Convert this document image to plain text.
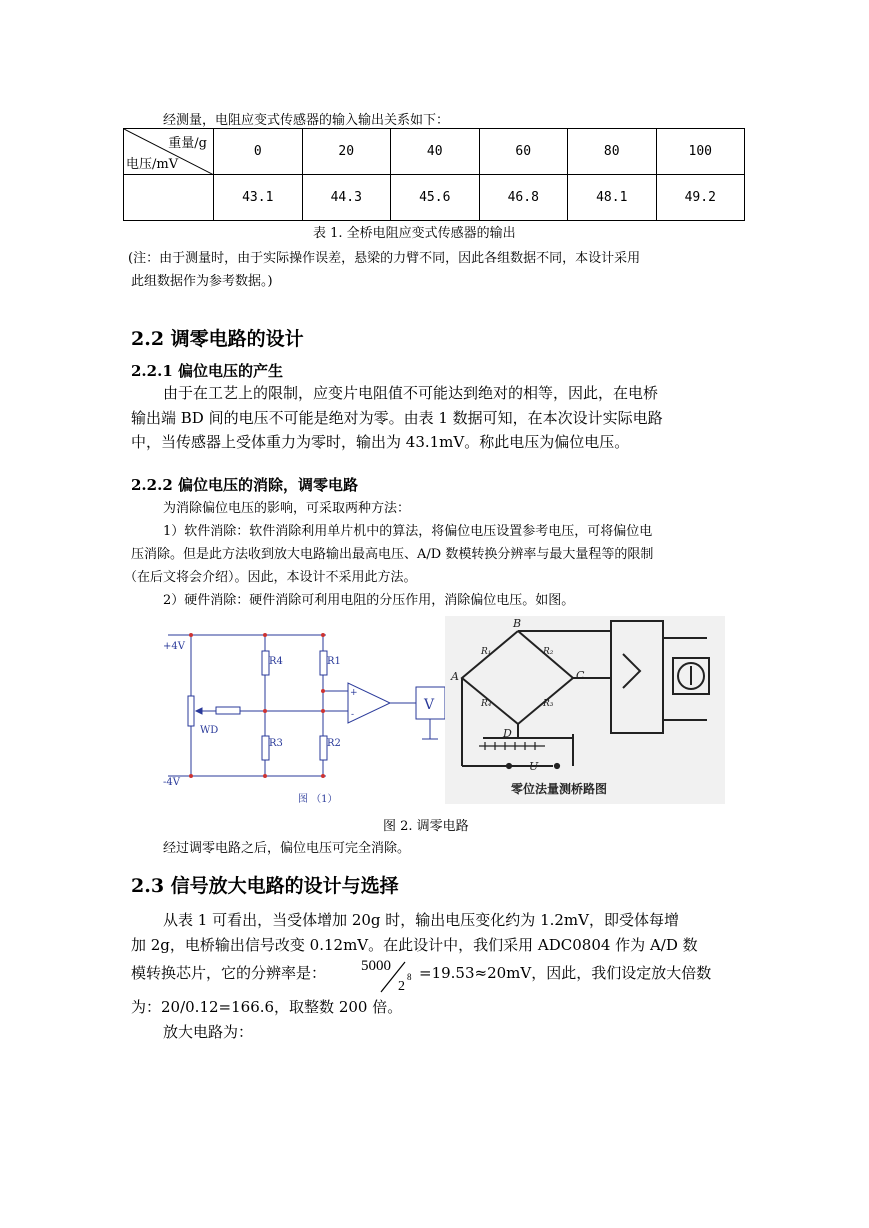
经测量，电阻应变式传感器的输入输出关系如下：
重量/g
电压/mV	0	20	40	60	80	100
	43.1	44.3	45.6	46.8	48.1	49.2
表 1. 全桥电阻应变式传感器的输出
(注：由于测量时，由于实际操作误差，悬梁的力臂不同，因此各组数据不同，本设计采用
此组数据作为参考数据。)
2.2 调零电路的设计
2.2.1 偏位电压的产生
由于在工艺上的限制，应变片电阻值不可能达到绝对的相等，因此，在电桥
输出端 BD 间的电压不可能是绝对为零。由表 1 数据可知，在本次设计实际电路
中，当传感器上受体重力为零时，输出为 43.1mV。称此电压为偏位电压。
2.2.2 偏位电压的消除，调零电路
为消除偏位电压的影响，可采取两种方法：
1）软件消除：软件消除利用单片机中的算法，将偏位电压设置参考电压，可将偏位电
压消除。但是此方法收到放大电路输出最高电压、A/D 数模转换分辨率与最大量程等的限制
（在后文将会介绍）。因此，本设计不采用此方法。
2）硬件消除：硬件消除可利用电阻的分压作用，消除偏位电压。如图。
+4V
-4V
R4	R1
R3	R2
WD
+
-
V
图 （1）
B
A	C
D
U
R₁	R₂
R₃
R₄
零位法量测桥路图
图 2. 调零电路
经过调零电路之后，偏位电压可完全消除。
2.3 信号放大电路的设计与选择
从表 1 可看出，当受体增加 20g 时，输出电压变化约为 1.2mV，即受体每增
加 2g，电桥输出信号改变 0.12mV。在此设计中，我们采用 ADC0804 作为 A/D 数
模转换芯片，它的分辨率是： 5000
2
8 =19.53≈20mV，因此，我们设定放大倍数
为：20/0.12=166.6，取整数 200 倍。
放大电路为：
